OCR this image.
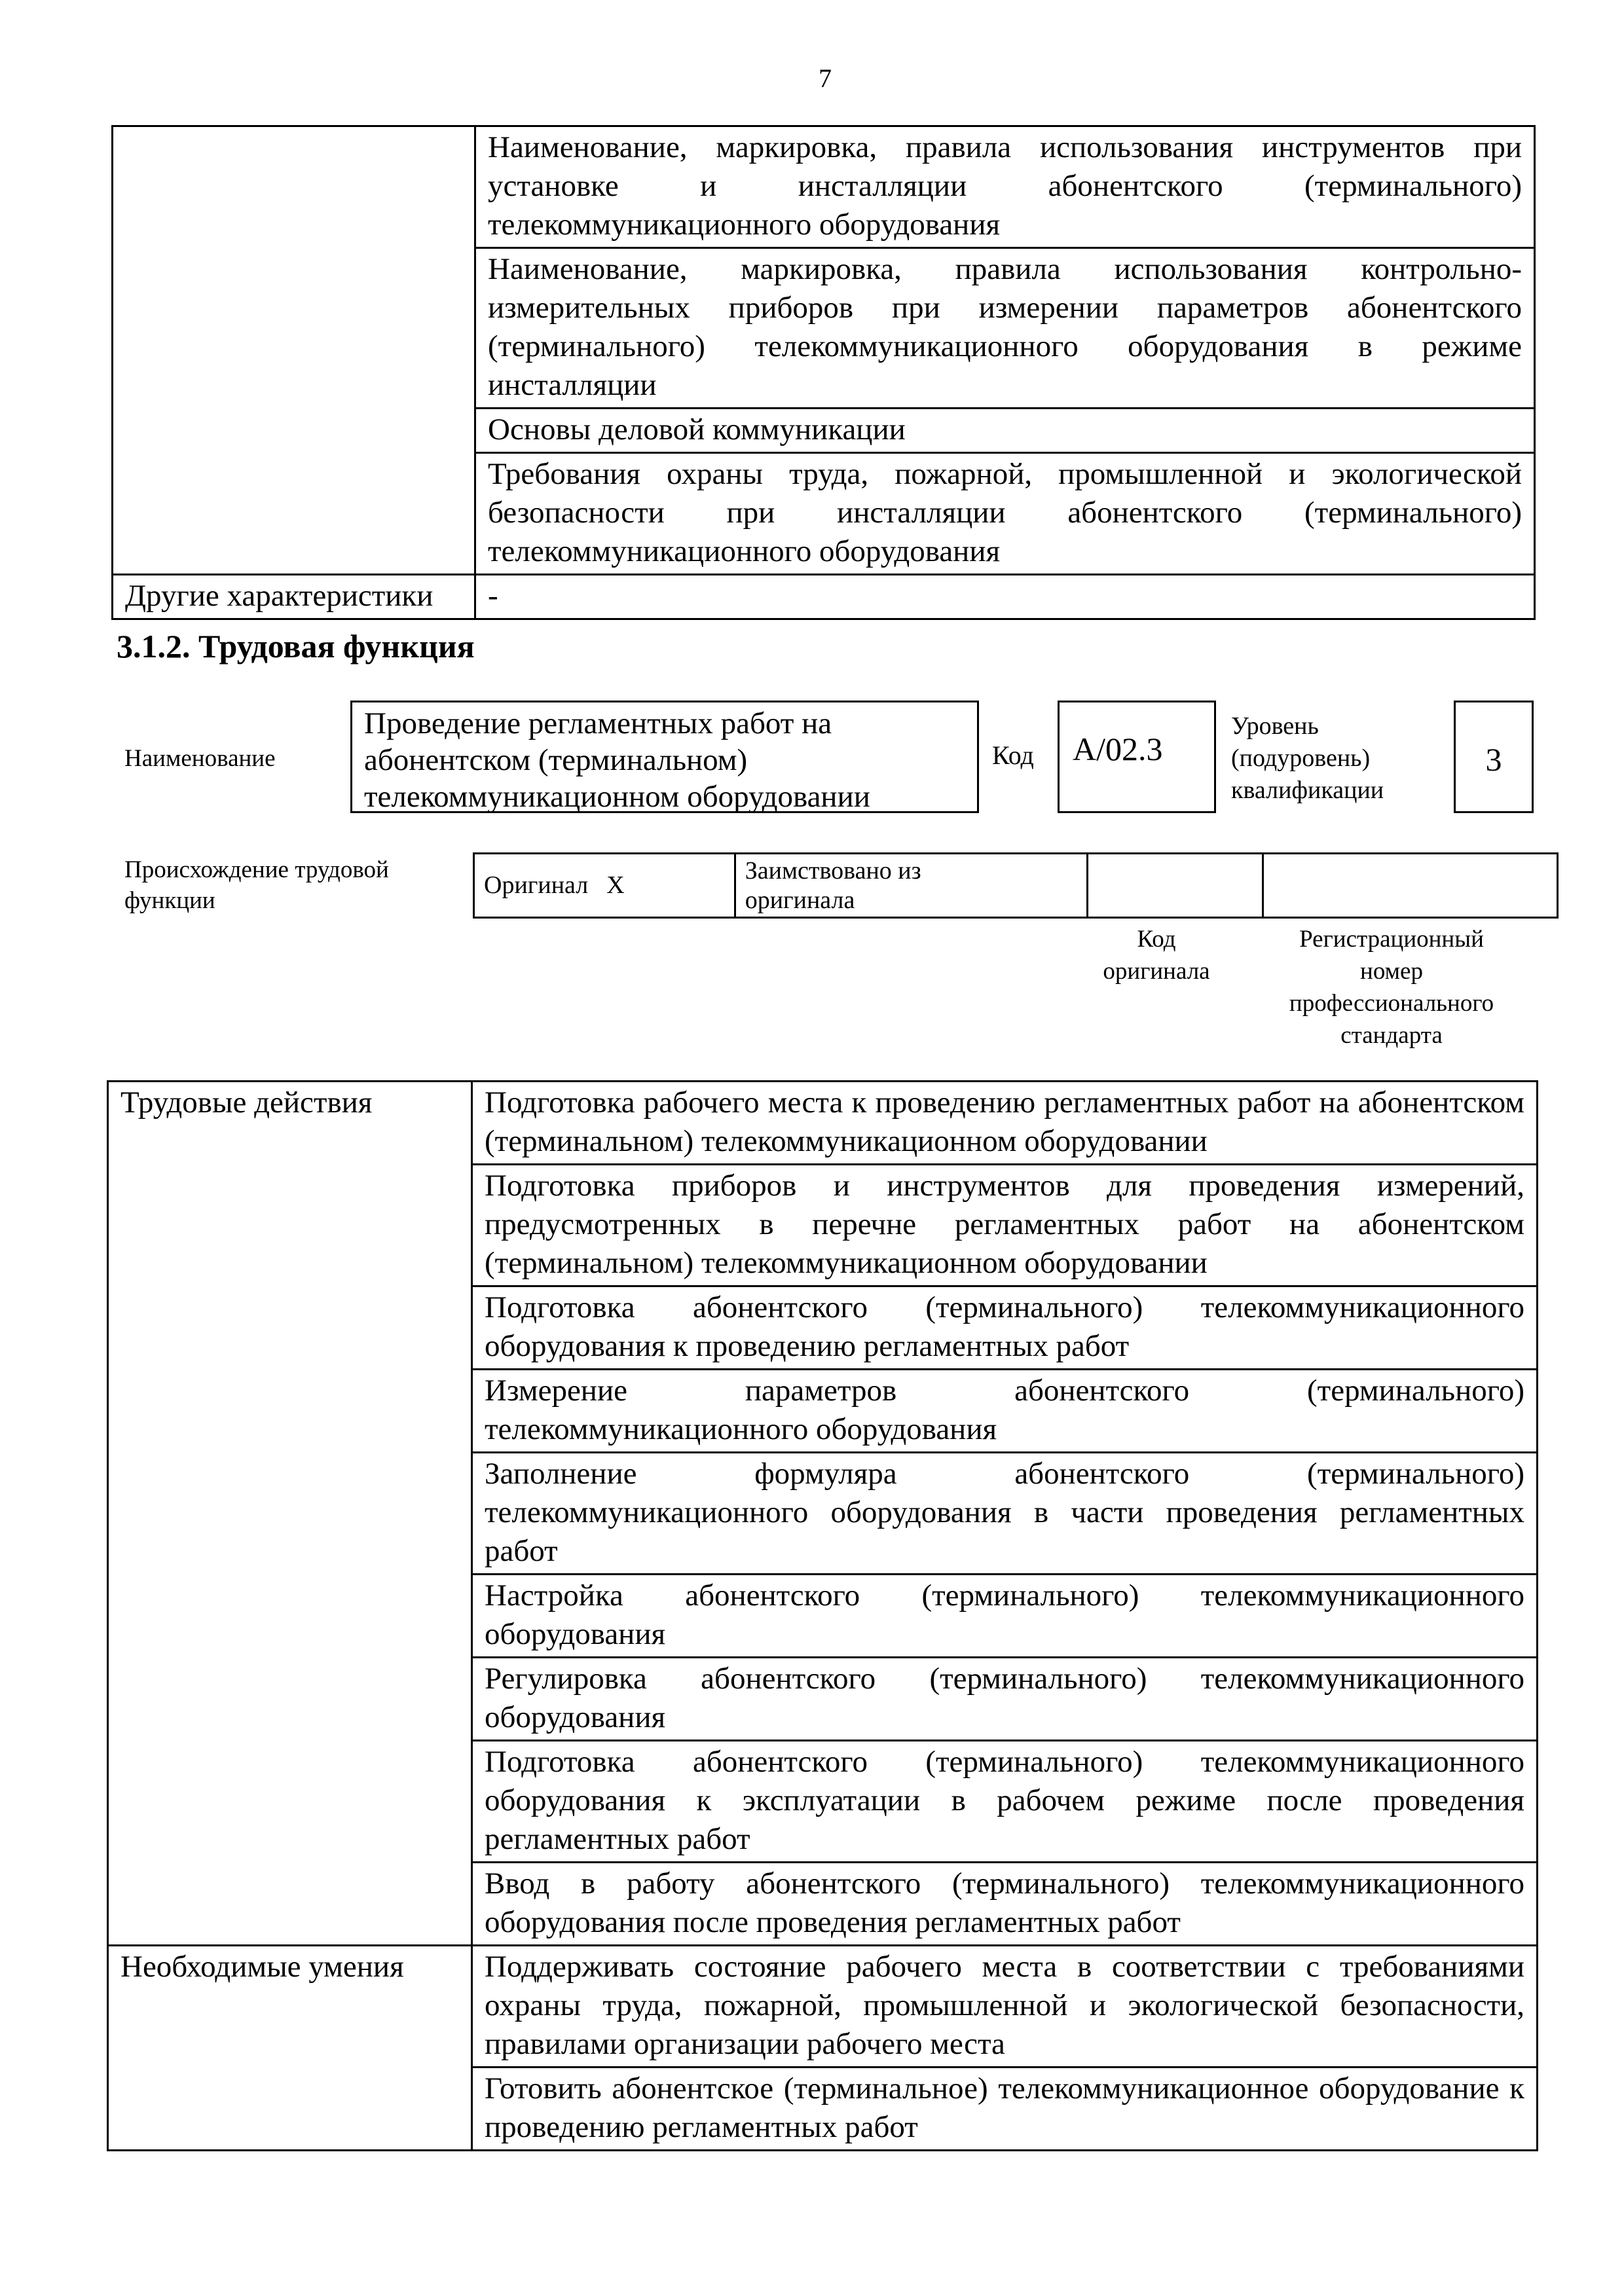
7
	Наименование, маркировка, правила использования инструментов при установке и инсталляции абонентского (терминального) телекоммуникационного оборудования
	Наименование, маркировка, правила использования контрольно-измерительных приборов при измерении параметров абонентского (терминального) телекоммуникационного оборудования в режиме инсталляции
	Основы деловой коммуникации
	Требования охраны труда, пожарной, промышленной и экологической безопасности при инсталляции абонентского (терминального) телекоммуникационного оборудования
Другие характеристики	-
3.1.2. Трудовая функция
Наименование
Проведение регламентных работ на
абонентском (терминальном)
телекоммуникационном оборудовании
Код	A/02.3
Уровень
(подуровень)
квалификации
3
Происхождение трудовой
функции
Оригинал	X	
Заимствовано из
оригинала

Код
оригинала
Регистрационный
номер
профессионального
стандарта
Трудовые действия	Подготовка рабочего места к проведению регламентных работ на абонентском (терминальном) телекоммуникационном оборудовании
	Подготовка приборов и инструментов для проведения измерений, предусмотренных в перечне регламентных работ на абонентском (терминальном) телекоммуникационном оборудовании
	Подготовка абонентского (терминального) телекоммуникационного оборудования к проведению регламентных работ
	Измерение параметров абонентского (терминального) телекоммуникационного оборудования
	Заполнение формуляра абонентского (терминального) телекоммуникационного оборудования в части проведения регламентных работ
	Настройка абонентского (терминального) телекоммуникационного оборудования
	Регулировка абонентского (терминального) телекоммуникационного оборудования
	Подготовка абонентского (терминального) телекоммуникационного оборудования к эксплуатации в рабочем режиме после проведения регламентных работ
	Ввод в работу абонентского (терминального) телекоммуникационного оборудования после проведения регламентных работ
Необходимые умения	Поддерживать состояние рабочего места в соответствии с требованиями охраны труда, пожарной, промышленной и экологической безопасности, правилами организации рабочего места
	Готовить абонентское (терминальное) телекоммуникационное оборудование к проведению регламентных работ
